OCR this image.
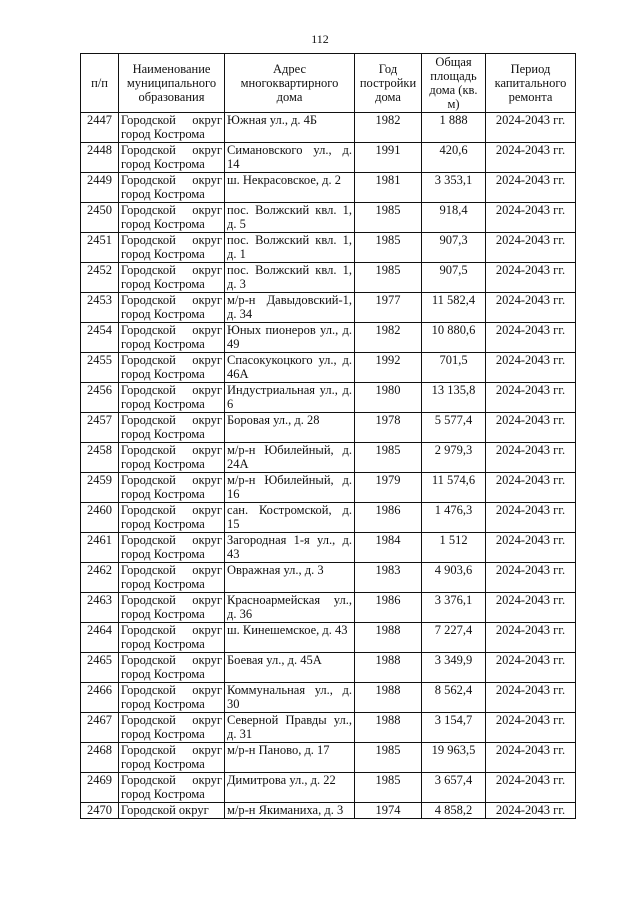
112
п/п	Наименование муниципального образования	Адрес многоквартирного дома	Год постройки дома	Общая площадь дома (кв. м)	Период капитального ремонта
2447	Городской округ город Кострома	Южная ул., д. 4Б	1982	1 888	2024-2043 гг.
2448	Городской округ город Кострома	Симановского ул., д. 14	1991	420,6	2024-2043 гг.
2449	Городской округ город Кострома	ш. Некрасовское, д. 2	1981	3 353,1	2024-2043 гг.
2450	Городской округ город Кострома	пос. Волжский квл. 1, д. 5	1985	918,4	2024-2043 гг.
2451	Городской округ город Кострома	пос. Волжский квл. 1, д. 1	1985	907,3	2024-2043 гг.
2452	Городской округ город Кострома	пос. Волжский квл. 1, д. 3	1985	907,5	2024-2043 гг.
2453	Городской округ город Кострома	м/р-н Давыдовский-1, д. 34	1977	11 582,4	2024-2043 гг.
2454	Городской округ город Кострома	Юных пионеров ул., д. 49	1982	10 880,6	2024-2043 гг.
2455	Городской округ город Кострома	Спасокукоцкого ул., д. 46А	1992	701,5	2024-2043 гг.
2456	Городской округ город Кострома	Индустриальная ул., д. 6	1980	13 135,8	2024-2043 гг.
2457	Городской округ город Кострома	Боровая ул., д. 28	1978	5 577,4	2024-2043 гг.
2458	Городской округ город Кострома	м/р-н Юбилейный, д. 24А	1985	2 979,3	2024-2043 гг.
2459	Городской округ город Кострома	м/р-н Юбилейный, д. 16	1979	11 574,6	2024-2043 гг.
2460	Городской округ город Кострома	сан. Костромской, д. 15	1986	1 476,3	2024-2043 гг.
2461	Городской округ город Кострома	Загородная 1-я ул., д. 43	1984	1 512	2024-2043 гг.
2462	Городской округ город Кострома	Овражная ул., д. 3	1983	4 903,6	2024-2043 гг.
2463	Городской округ город Кострома	Красноармейская ул., д. 36	1986	3 376,1	2024-2043 гг.
2464	Городской округ город Кострома	ш. Кинешемское, д. 43	1988	7 227,4	2024-2043 гг.
2465	Городской округ город Кострома	Боевая ул., д. 45А	1988	3 349,9	2024-2043 гг.
2466	Городской округ город Кострома	Коммунальная ул., д. 30	1988	8 562,4	2024-2043 гг.
2467	Городской округ город Кострома	Северной Правды ул., д. 31	1988	3 154,7	2024-2043 гг.
2468	Городской округ город Кострома	м/р-н Паново, д. 17	1985	19 963,5	2024-2043 гг.
2469	Городской округ город Кострома	Димитрова ул., д. 22	1985	3 657,4	2024-2043 гг.
2470	Городской округ	м/р-н Якиманиха, д. 3	1974	4 858,2	2024-2043 гг.
